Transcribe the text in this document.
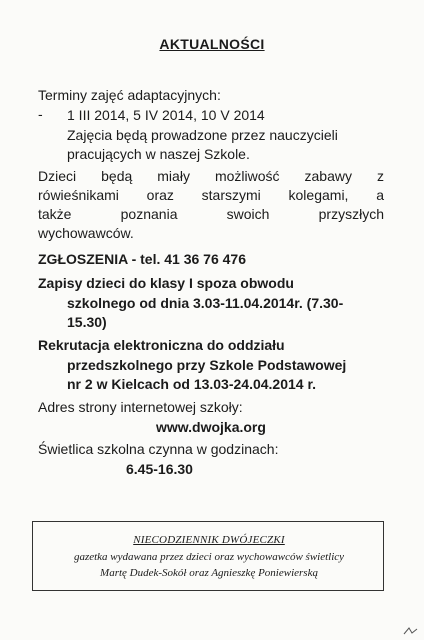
AKTUALNOŚCI
Terminy zajęć adaptacyjnych:
- 1 III 2014, 5 IV 2014, 10 V 2014
Zajęcia będą prowadzone przez nauczycieli
pracujących w naszej Szkole.
Dzieci będą miały możliwość zabawy z
rówieśnikami oraz starszymi kolegami, a
także poznania swoich przyszłych
wychowawców.
ZGŁOSZENIA - tel. 41 36 76 476
Zapisy dzieci do klasy I spoza obwodu
szkolnego od dnia 3.03-11.04.2014r. (7.30-
15.30)
Rekrutacja elektroniczna do oddziału
przedszkolnego przy Szkole Podstawowej
nr 2 w Kielcach od 13.03-24.04.2014 r.
Adres strony internetowej szkoły:
www.dwojka.org
Świetlica szkolna czynna w godzinach:
6.45-16.30
NIECODZIENNIK DWÓJECZKI
gazetka wydawana przez dzieci oraz wychowawców świetlicy
Martę Dudek-Sokół oraz Agnieszkę Poniewierską
